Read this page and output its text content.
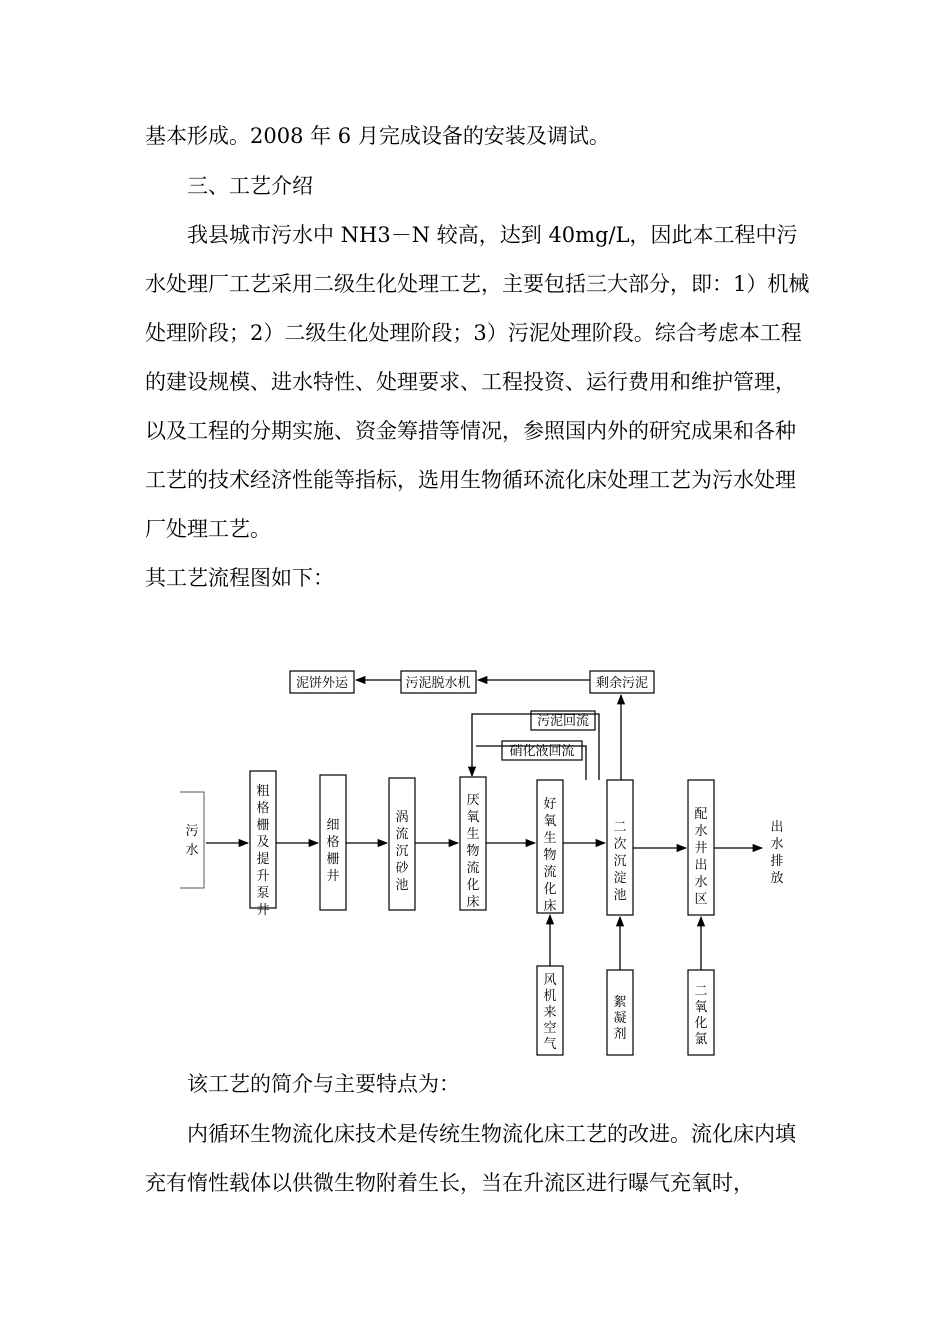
基本形成。2008 年 6 月完成设备的安装及调试。

三、工艺介绍

我县城市污水中 NH3－N 较高，达到 40mg/L，因此本工程中污水处理厂工艺采用二级生化处理工艺，主要包括三大部分，即：1）机械处理阶段；2）二级生化处理阶段；3）污泥处理阶段。综合考虑本工程的建设规模、进水特性、处理要求、工程投资、运行费用和维护管理，以及工程的分期实施、资金筹措等情况，参照国内外的研究成果和各种工艺的技术经济性能等指标，选用生物循环流化床处理工艺为污水处理厂处理工艺。

其工艺流程图如下：

泥饼外运	污泥脱水机	剩余污泥
污泥回流
硝化液回流
污
水
粗
格
栅
及
提
升
泵
井
细
格
栅
井
涡
流
沉
砂
池
厌
氧
生
物
流
化
床
好
氧
生
物
流
化
床
二
次
沉
淀
池
配
水
井
出
水
区
出
水
排
放
风
机
来
空
气
絮
凝
剂
二
氧
化
氯

该工艺的简介与主要特点为：

内循环生物流化床技术是传统生物流化床工艺的改进。流化床内填充有惰性载体以供微生物附着生长，当在升流区进行曝气充氧时，
